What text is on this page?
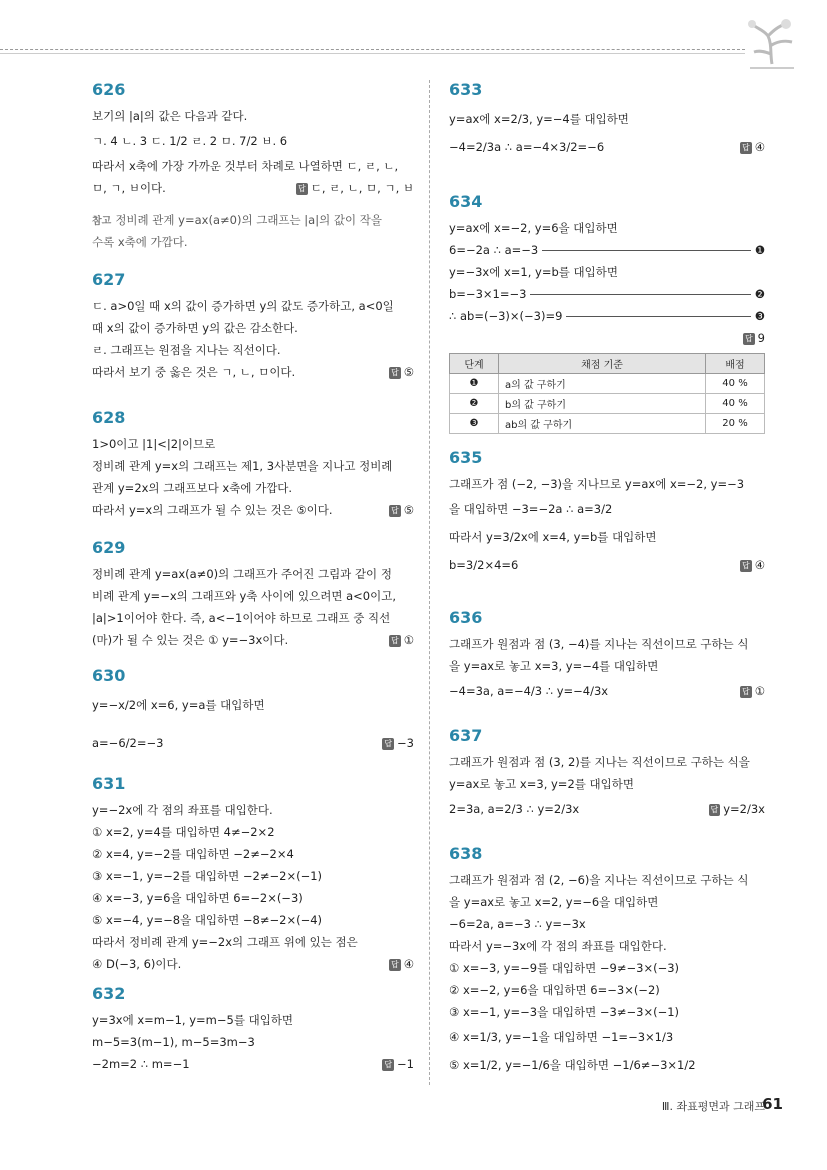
626
보기의 |a|의 값은 다음과 같다.
ㄱ. 4 ㄴ. 3 ㄷ. 1/2 ㄹ. 2 ㅁ. 7/2 ㅂ. 6
따라서 x축에 가장 가까운 것부터 차례로 나열하면 ㄷ, ㄹ, ㄴ,
ㅁ, ㄱ, ㅂ이다.	답 ㄷ, ㄹ, ㄴ, ㅁ, ㄱ, ㅂ
참고 정비례 관계 y=ax(a≠0)의 그래프는 |a|의 값이 작을
수록 x축에 가깝다.
627
ㄷ. a>0일 때 x의 값이 증가하면 y의 값도 증가하고, a<0일
때 x의 값이 증가하면 y의 값은 감소한다.
ㄹ. 그래프는 원점을 지나는 직선이다.
따라서 보기 중 옳은 것은 ㄱ, ㄴ, ㅁ이다.	답 ⑤
628
1>0이고 |1|<|2|이므로
정비례 관계 y=x의 그래프는 제1, 3사분면을 지나고 정비례
관계 y=2x의 그래프보다 x축에 가깝다.
따라서 y=x의 그래프가 될 수 있는 것은 ⑤이다.	답 ⑤
629
정비례 관계 y=ax(a≠0)의 그래프가 주어진 그림과 같이 정
비례 관계 y=−x의 그래프와 y축 사이에 있으려면 a<0이고,
|a|>1이어야 한다. 즉, a<−1이어야 하므로 그래프 중 직선
(마)가 될 수 있는 것은 ① y=−3x이다.	답 ①
630
y=−x/2에 x=6, y=a를 대입하면
a=−6/2=−3	답 −3
631
y=−2x에 각 점의 좌표를 대입한다.
① x=2, y=4를 대입하면 4≠−2×2
② x=4, y=−2를 대입하면 −2≠−2×4
③ x=−1, y=−2를 대입하면 −2≠−2×(−1)
④ x=−3, y=6을 대입하면 6=−2×(−3)
⑤ x=−4, y=−8을 대입하면 −8≠−2×(−4)
따라서 정비례 관계 y=−2x의 그래프 위에 있는 점은
④ D(−3, 6)이다.	답 ④
632
y=3x에 x=m−1, y=m−5를 대입하면
m−5=3(m−1), m−5=3m−3
−2m=2 ∴ m=−1	답 −1
633
y=ax에 x=2/3, y=−4를 대입하면
−4=2/3a ∴ a=−4×3/2=−6	답 ④
634
y=ax에 x=−2, y=6을 대입하면
6=−2a ∴ a=−3	❶
y=−3x에 x=1, y=b를 대입하면
b=−3×1=−3	❷
∴ ab=(−3)×(−3)=9	❸
답 9
단계	채점 기준	배점
❶	a의 값 구하기	40 %
❷	b의 값 구하기	40 %
❸	ab의 값 구하기	20 %
635
그래프가 점 (−2, −3)을 지나므로 y=ax에 x=−2, y=−3
을 대입하면 −3=−2a ∴ a=3/2
따라서 y=3/2x에 x=4, y=b를 대입하면
b=3/2×4=6	답 ④
636
그래프가 원점과 점 (3, −4)를 지나는 직선이므로 구하는 식
을 y=ax로 놓고 x=3, y=−4를 대입하면
−4=3a, a=−4/3 ∴ y=−4/3x	답 ①
637
그래프가 원점과 점 (3, 2)를 지나는 직선이므로 구하는 식을
y=ax로 놓고 x=3, y=2를 대입하면
2=3a, a=2/3 ∴ y=2/3x	답 y=2/3x
638
그래프가 원점과 점 (2, −6)을 지나는 직선이므로 구하는 식
을 y=ax로 놓고 x=2, y=−6을 대입하면
−6=2a, a=−3 ∴ y=−3x
따라서 y=−3x에 각 점의 좌표를 대입한다.
① x=−3, y=−9를 대입하면 −9≠−3×(−3)
② x=−2, y=6을 대입하면 6=−3×(−2)
③ x=−1, y=−3을 대입하면 −3≠−3×(−1)
④ x=1/3, y=−1을 대입하면 −1=−3×1/3
⑤ x=1/2, y=−1/6을 대입하면 −1/6≠−3×1/2
Ⅲ. 좌표평면과 그래프
61
